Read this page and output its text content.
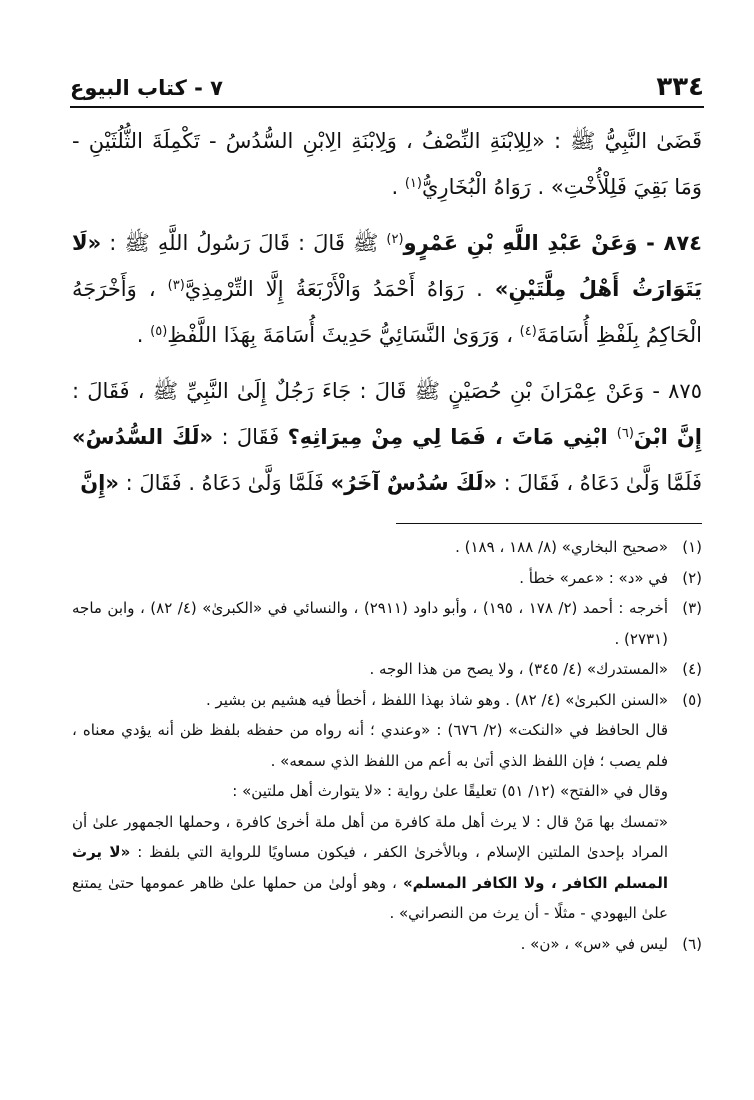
٣٣٤
٧ - كتاب البيوع

قَضَىٰ النَّبِيُّ ﷺ : «لِلِابْنَةِ النِّصْفُ ، وَلِابْنَةِ الِابْنِ السُّدُسُ - تَكْمِلَةَ الثُّلُثَيْنِ - وَمَا بَقِيَ فَلِلْأُخْتِ» . رَوَاهُ الْبُخَارِيُّ$^{(١)}$ .

٨٧٤ - وَعَنْ عَبْدِ اللَّهِ بْنِ عَمْرٍو$^{(٢)}$ ﷺ قَالَ : قَالَ رَسُولُ اللَّهِ ﷺ : «لَا يَتَوَارَثُ أَهْلُ مِلَّتَيْنِ» . رَوَاهُ أَحْمَدُ وَالْأَرْبَعَةُ إِلَّا التِّرْمِذِيَّ$^{(٣)}$ ، وَأَخْرَجَهُ الْحَاكِمُ بِلَفْظِ أُسَامَةَ$^{(٤)}$ ، وَرَوَىٰ النَّسَائِيُّ حَدِيثَ أُسَامَةَ بِهَذَا اللَّفْظِ$^{(٥)}$ .

٨٧٥ - وَعَنْ عِمْرَانَ بْنِ حُصَيْنٍ ﷺ قَالَ : جَاءَ رَجُلٌ إِلَىٰ النَّبِيِّ ﷺ ، فَقَالَ : إِنَّ ابْنَ$^{(٦)}$ ابْنِي مَاتَ ، فَمَا لِي مِنْ مِيرَاثِهِ؟ فَقَالَ : «لَكَ السُّدُسُ» فَلَمَّا وَلَّىٰ دَعَاهُ ، فَقَالَ : «لَكَ سُدُسٌ آخَرُ» فَلَمَّا وَلَّىٰ دَعَاهُ . فَقَالَ : «إِنَّ

(١)«صحيح البخاري» (٨/ ١٨٨ ، ١٨٩) .

(٢)في «د» : «عمر» خطأ .

(٣)أخرجه : أحمد (٢/ ١٧٨ ، ١٩٥) ، وأبو داود (٢٩١١) ، والنسائي في «الكبرىٰ» (٤/ ٨٢) ، وابن ماجه (٢٧٣١) .

(٤)«المستدرك» (٤/ ٣٤٥) ، ولا يصح من هذا الوجه .

(٥)«السنن الكبرىٰ» (٤/ ٨٢) . وهو شاذ بهذا اللفظ ، أخطأ فيه هشيم بن بشير .

قال الحافظ في «النكت» (٢/ ٦٧٦) : «وعندي ؛ أنه رواه من حفظه بلفظ ظن أنه يؤدي معناه ، فلم يصب ؛ فإن اللفظ الذي أتىٰ به أعم من اللفظ الذي سمعه» .

وقال في «الفتح» (١٢/ ٥١) تعليقًا علىٰ رواية : «لا يتوارث أهل ملتين» :

«تمسك بها مَنْ قال : لا يرث أهل ملة كافرة من أهل ملة أخرىٰ كافرة ، وحملها الجمهور علىٰ أن المراد بإحدىٰ الملتين الإسلام ، وبالأخرىٰ الكفر ، فيكون مساويًا للرواية التي بلفظ : «لا يرث المسلم الكافر ، ولا الكافر المسلم» ، وهو أولىٰ من حملها علىٰ ظاهر عمومها حتىٰ يمتنع علىٰ اليهودي - مثلًا - أن يرث من النصراني» .

(٦)ليس في «س» ، «ن» .
